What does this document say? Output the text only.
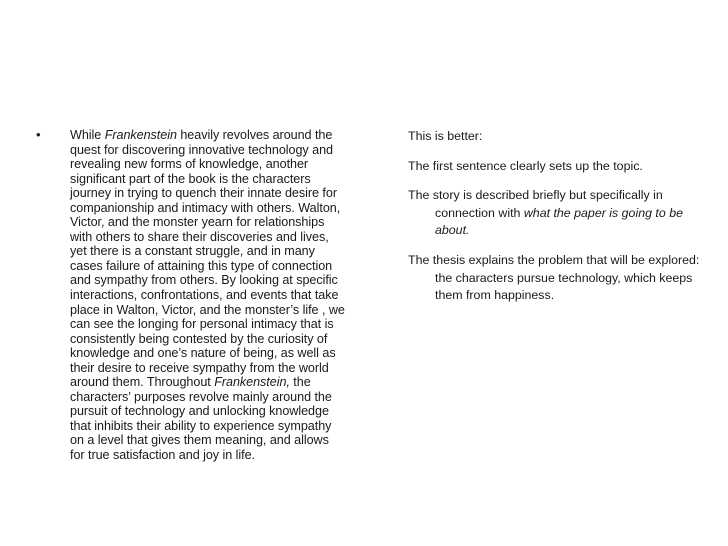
• While Frankenstein heavily revolves around the quest for discovering innovative technology and revealing new forms of knowledge, another significant part of the book is the characters journey in trying to quench their innate desire for companionship and intimacy with others. Walton, Victor, and the monster yearn for relationships with others to share their discoveries and lives, yet there is a constant struggle, and in many cases failure of attaining this type of connection and sympathy from others. By looking at specific interactions, confrontations, and events that take place in Walton, Victor, and the monster’s life , we can see the longing for personal intimacy that is consistently being contested by the curiosity of knowledge and one’s nature of being, as well as their desire to receive sympathy from the world around them. Throughout Frankenstein, the characters’ purposes revolve mainly around the pursuit of technology and unlocking knowledge that inhibits their ability to experience sympathy on a level that gives them meaning, and allows for true satisfaction and joy in life.

This is better:

The first sentence clearly sets up the topic.

The story is described briefly but specifically in connection with what the paper is going to be about.

The thesis explains the problem that will be explored: the characters pursue technology, which keeps them from happiness.
